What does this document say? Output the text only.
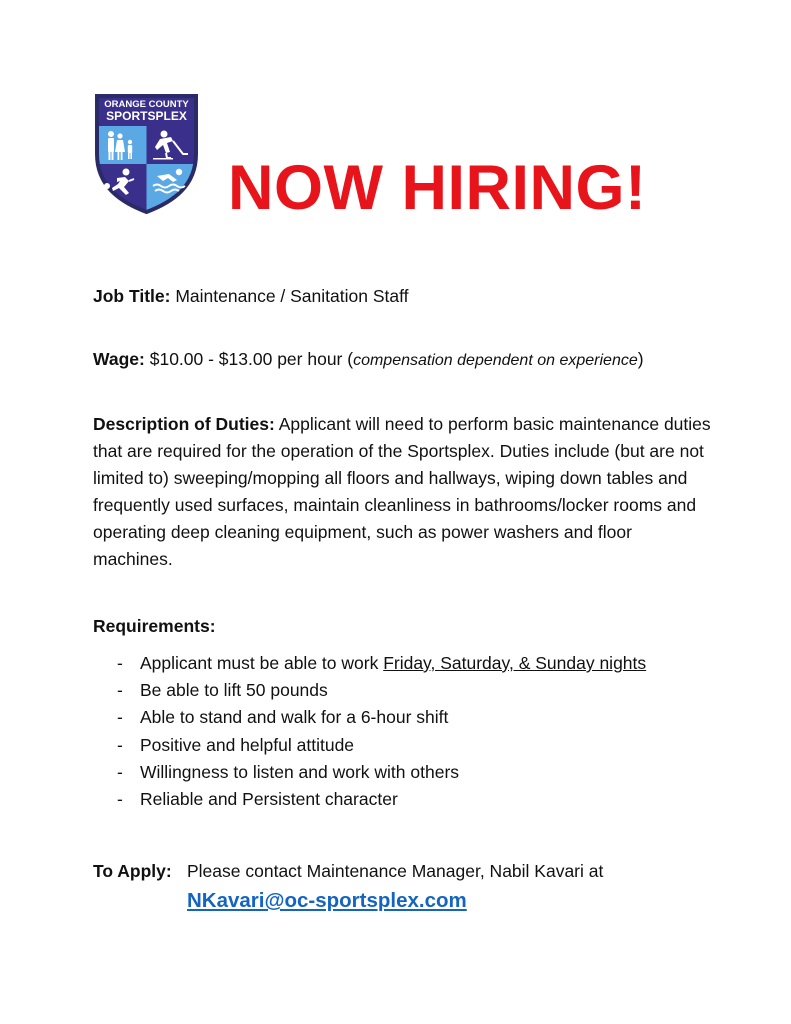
ORANGE COUNTY
SPORTSPLEX
NOW HIRING!

Job Title: Maintenance / Sanitation Staff

Wage: $10.00 - $13.00 per hour (compensation dependent on experience)

Description of Duties: Applicant will need to perform basic maintenance duties that are required for the operation of the Sportsplex. Duties include (but are not limited to) sweeping/mopping all floors and hallways, wiping down tables and frequently used surfaces, maintain cleanliness in bathrooms/locker rooms and operating deep cleaning equipment, such as power washers and floor machines.

Requirements:
- Applicant must be able to work Friday, Saturday, & Sunday nights
- Be able to lift 50 pounds
- Able to stand and walk for a 6-hour shift
- Positive and helpful attitude
- Willingness to listen and work with others
- Reliable and Persistent character

To Apply: Please contact Maintenance Manager, Nabil Kavari at

NKavari@oc-sportsplex.com
